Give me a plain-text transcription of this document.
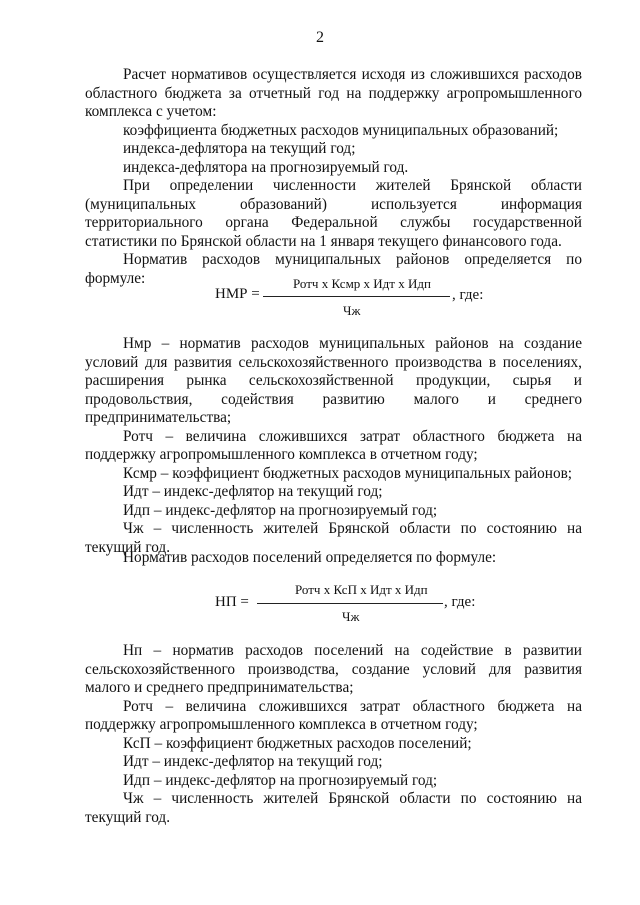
2

Расчет нормативов осуществляется исходя из сложившихся расходов областного бюджета за отчетный год на поддержку агропромышленного комплекса с учетом:

коэффициента бюджетных расходов муниципальных образований;

индекса-дефлятора на текущий год;

индекса-дефлятора на прогнозируемый год.

При определении численности жителей Брянской области (муниципальных образований) используется информация территориального органа Федеральной службы государственной статистики по Брянской области на 1 января текущего финансового года.

Норматив расходов муниципальных районов определяется по формуле:	Ротч х Ксмр х Идт х Идп
НМР =	, где:
Чж

Нмр – норматив расходов муниципальных районов на создание условий для развития сельскохозяйственного производства в поселениях, расширения рынка сельскохозяйственной продукции, сырья и продовольствия, содействия развитию малого и среднего предпринимательства;

Ротч – величина сложившихся затрат областного бюджета на поддержку агропромышленного комплекса в отчетном году;

Ксмр – коэффициент бюджетных расходов муниципальных районов;

Идт – индекс-дефлятор на текущий год;

Идп – индекс-дефлятор на прогнозируемый год;

Чж – численность жителей Брянской области по состоянию на текущий год.

Норматив расходов поселений определяется по формуле:

Ротч х КсП х Идт х Идп
НП =	, где:
Чж

Нп – норматив расходов поселений на содействие в развитии сельскохозяйственного производства, создание условий для развития малого и среднего предпринимательства;

Ротч – величина сложившихся затрат областного бюджета на поддержку агропромышленного комплекса в отчетном году;

КсП – коэффициент бюджетных расходов поселений;

Идт – индекс-дефлятор на текущий год;

Идп – индекс-дефлятор на прогнозируемый год;

Чж – численность жителей Брянской области по состоянию на текущий год.
